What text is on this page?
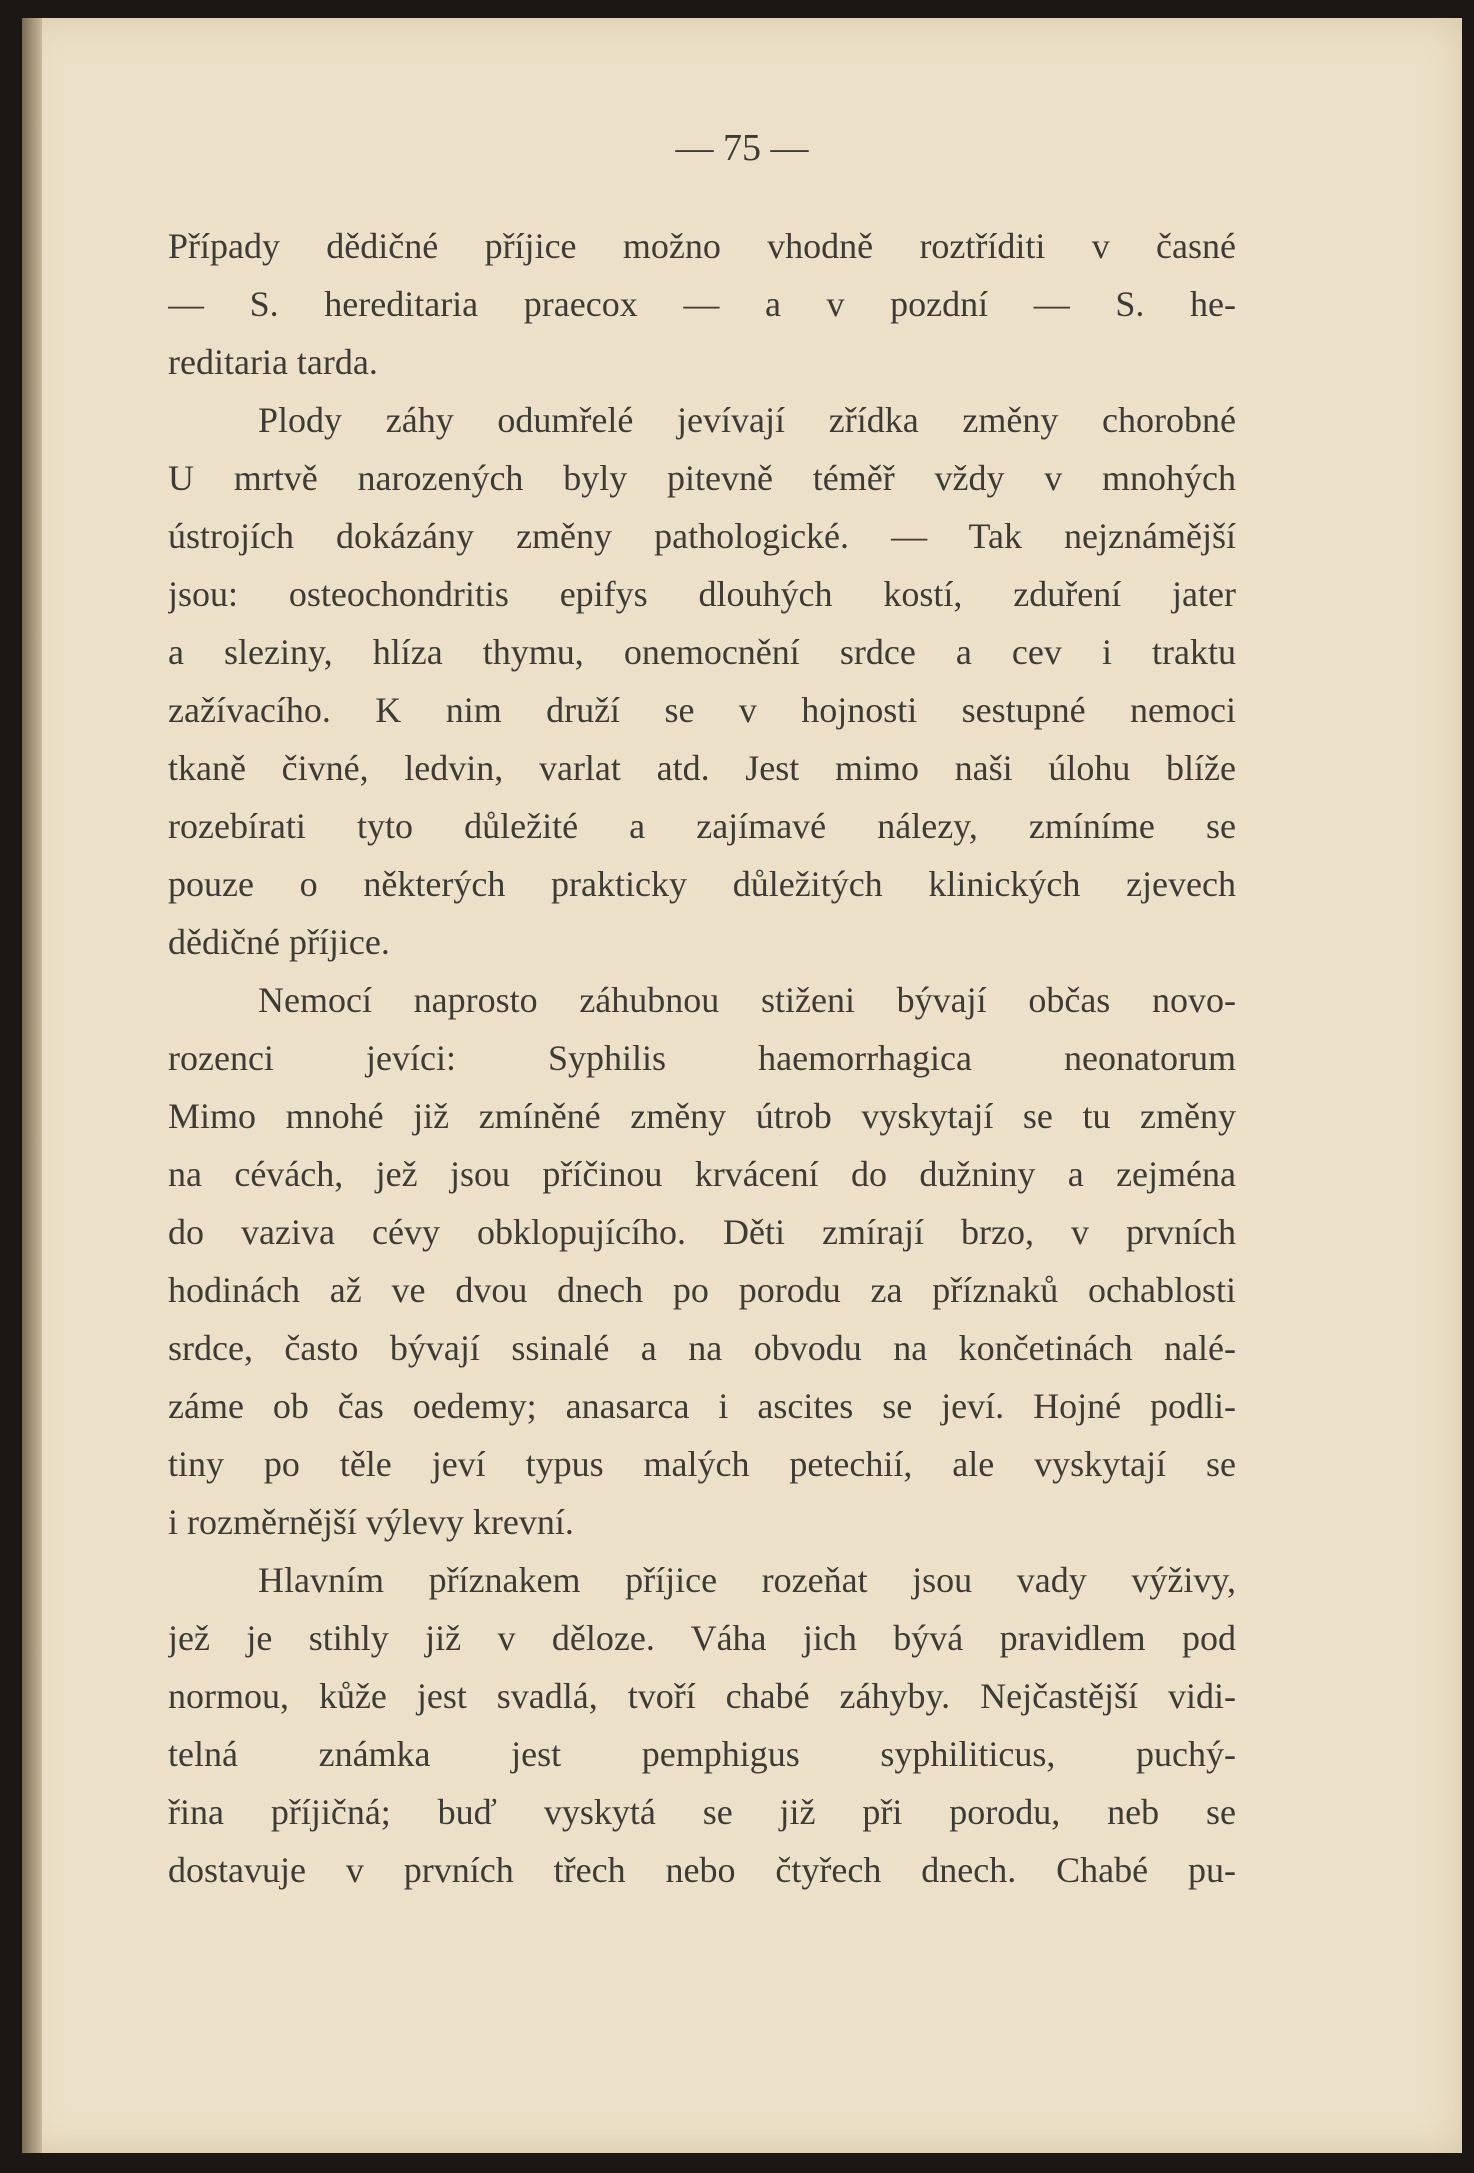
— 75 —
Případy dědičné příjice možno vhodně roztříditi v časné
— S. hereditaria praecox — a v pozdní — S. he-
reditaria tarda.
Plody záhy odumřelé jevívají zřídka změny chorobné
U mrtvě narozených byly pitevně téměř vždy v mnohých
ústrojích dokázány změny pathologické. — Tak nejznámější
jsou: osteochondritis epifys dlouhých kostí, zduření jater
a sleziny, hlíza thymu, onemocnění srdce a cev i traktu
zažívacího. K nim druží se v hojnosti sestupné nemoci
tkaně čivné, ledvin, varlat atd. Jest mimo naši úlohu blíže
rozebírati tyto důležité a zajímavé nálezy, zmíníme se
pouze o některých prakticky důležitých klinických zjevech
dědičné příjice.
Nemocí naprosto záhubnou stiženi bývají občas novo-
rozenci jevíci: Syphilis haemorrhagica neonatorum
Mimo mnohé již zmíněné změny útrob vyskytají se tu změny
na cévách, jež jsou příčinou krvácení do dužniny a zejména
do vaziva cévy obklopujícího. Děti zmírají brzo, v prvních
hodinách až ve dvou dnech po porodu za příznaků ochablosti
srdce, často bývají ssinalé a na obvodu na končetinách nalé-
záme ob čas oedemy; anasarca i ascites se jeví. Hojné podli-
tiny po těle jeví typus malých petechií, ale vyskytají se
i rozměrnější výlevy krevní.
Hlavním příznakem příjice rozeňat jsou vady výživy,
jež je stihly již v děloze. Váha jich bývá pravidlem pod
normou, kůže jest svadlá, tvoří chabé záhyby. Nejčastější vidi-
telná známka jest pemphigus syphiliticus, puchý-
řina příjičná; buď vyskytá se již při porodu, neb se
dostavuje v prvních třech nebo čtyřech dnech. Chabé pu-
